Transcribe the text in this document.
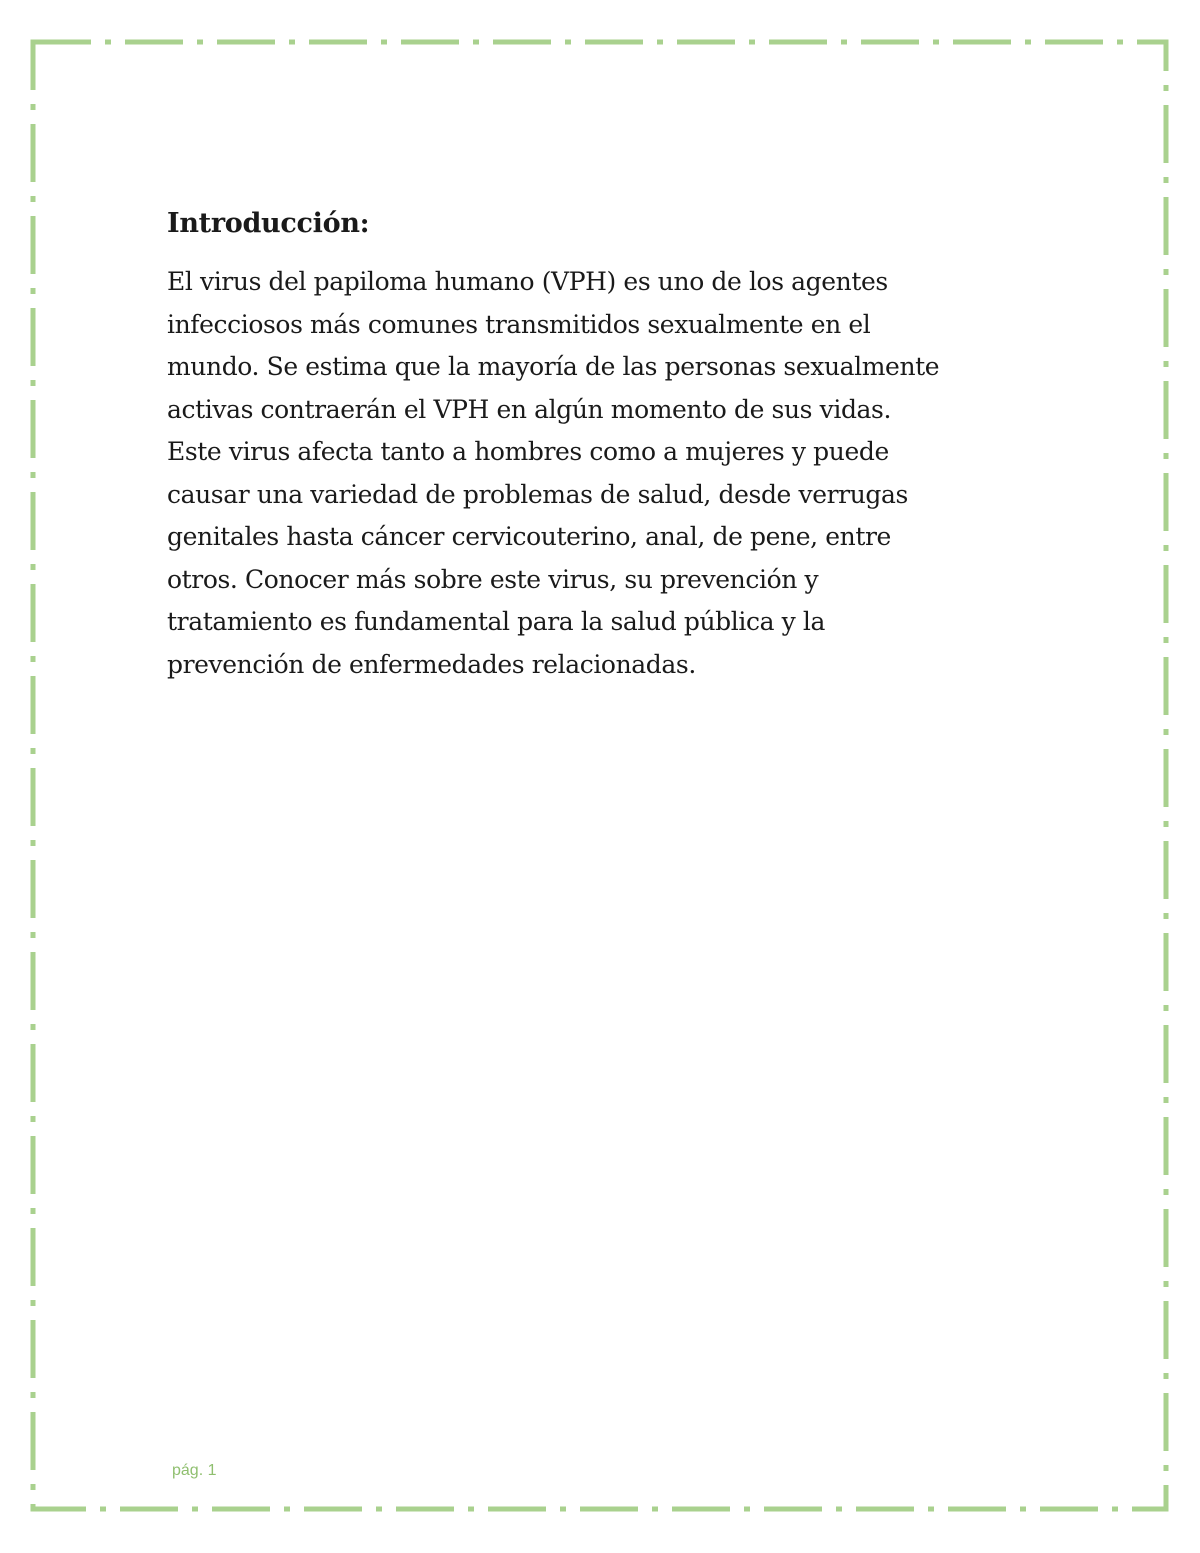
Introducción:

El virus del papiloma humano (VPH) es uno de los agentes
infecciosos más comunes transmitidos sexualmente en el
mundo. Se estima que la mayoría de las personas sexualmente
activas contraerán el VPH en algún momento de sus vidas.
Este virus afecta tanto a hombres como a mujeres y puede
causar una variedad de problemas de salud, desde verrugas
genitales hasta cáncer cervicouterino, anal, de pene, entre
otros. Conocer más sobre este virus, su prevención y
tratamiento es fundamental para la salud pública y la
prevención de enfermedades relacionadas.

pág. 1
